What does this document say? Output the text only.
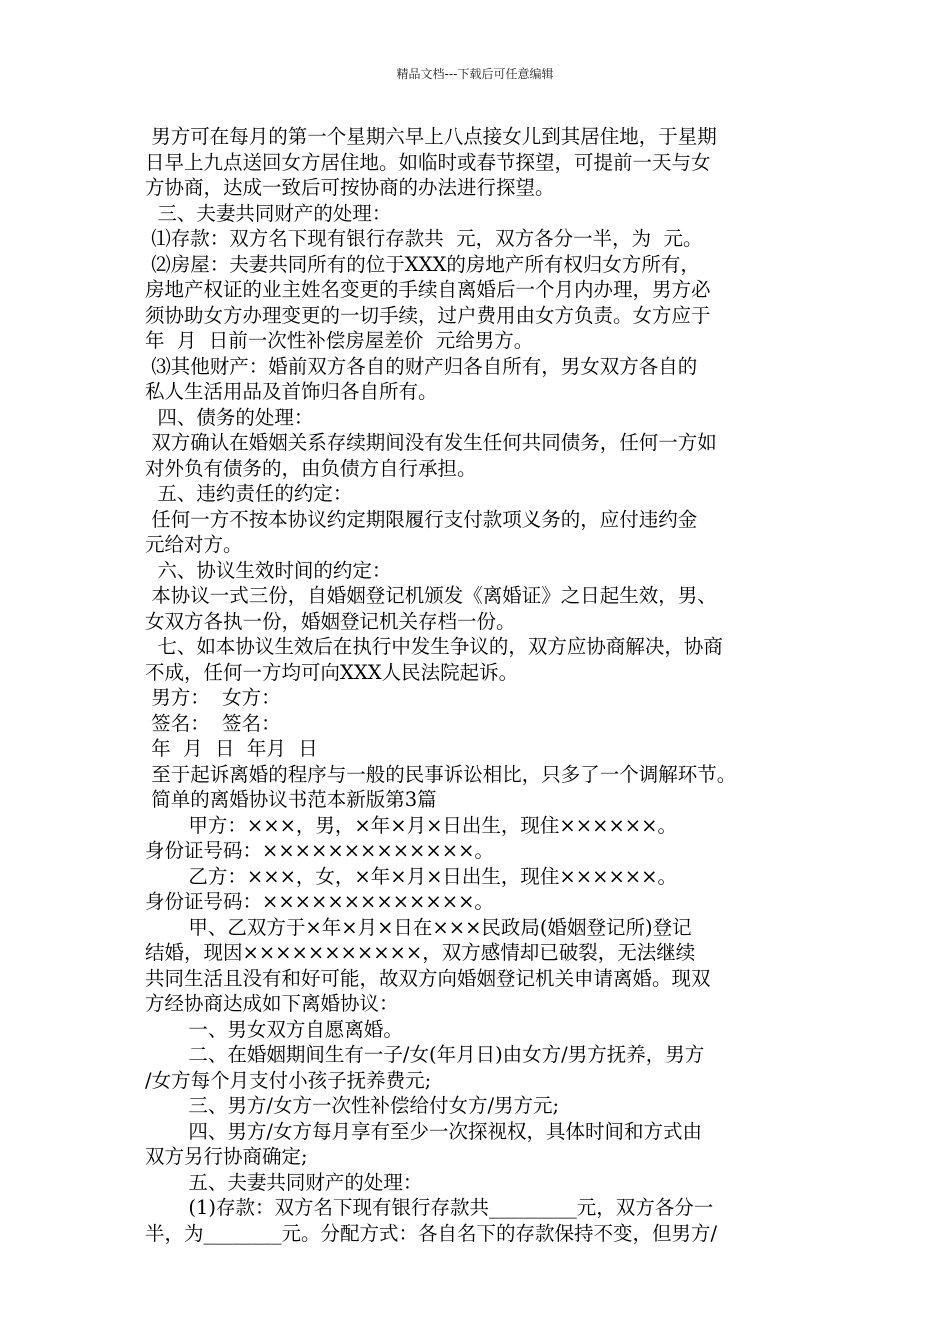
精品文档---下载后可任意编辑
男方可在每月的第一个星期六早上八点接女儿到其居住地，于星期
日早上九点送回女方居住地。如临时或春节探望，可提前一天与女
方协商，达成一致后可按协商的办法进行探望。
三、夫妻共同财产的处理：
⑴存款：双方名下现有银行存款共  元，双方各分一半，为  元。
⑵房屋：夫妻共同所有的位于XXX的房地产所有权归女方所有，
房地产权证的业主姓名变更的手续自离婚后一个月内办理，男方必
须协助女方办理变更的一切手续，过户费用由女方负责。女方应于
年  月  日前一次性补偿房屋差价  元给男方。
⑶其他财产：婚前双方各自的财产归各自所有，男女双方各自的
私人生活用品及首饰归各自所有。
四、债务的处理：
双方确认在婚姻关系存续期间没有发生任何共同债务，任何一方如
对外负有债务的，由负债方自行承担。
五、违约责任的约定：
任何一方不按本协议约定期限履行支付款项义务的，应付违约金
元给对方。
六、协议生效时间的约定：
本协议一式三份，自婚姻登记机颁发《离婚证》之日起生效，男、
女双方各执一份，婚姻登记机关存档一份。
七、如本协议生效后在执行中发生争议的，双方应协商解决，协商
不成，任何一方均可向XXX人民法院起诉。
男方：  女方：
签名：  签名：
年  月  日  年月  日
至于起诉离婚的程序与一般的民事诉讼相比，只多了一个调解环节。
简单的离婚协议书范本新版第3篇
甲方：×××，男，×年×月×日出生，现住××××××。
身份证号码：×××××××××××××。
乙方：×××，女，×年×月×日出生，现住××××××。
身份证号码：×××××××××××××。
甲、乙双方于×年×月×日在×××民政局(婚姻登记所)登记
结婚，现因×××××××××××，双方感情却已破裂，无法继续
共同生活且没有和好可能，故双方向婚姻登记机关申请离婚。现双
方经协商达成如下离婚协议：
一、男女双方自愿离婚。
二、在婚姻期间生有一子/女(年月日)由女方/男方抚养，男方
/女方每个月支付小孩子抚养费元;
三、男方/女方一次性补偿给付女方/男方元;
四、男方/女方每月享有至少一次探视权，具体时间和方式由
双方另行协商确定;
五、夫妻共同财产的处理：
(1)存款：双方名下现有银行存款共_________元，双方各分一
半，为________元。分配方式：各自名下的存款保持不变，但男方/
